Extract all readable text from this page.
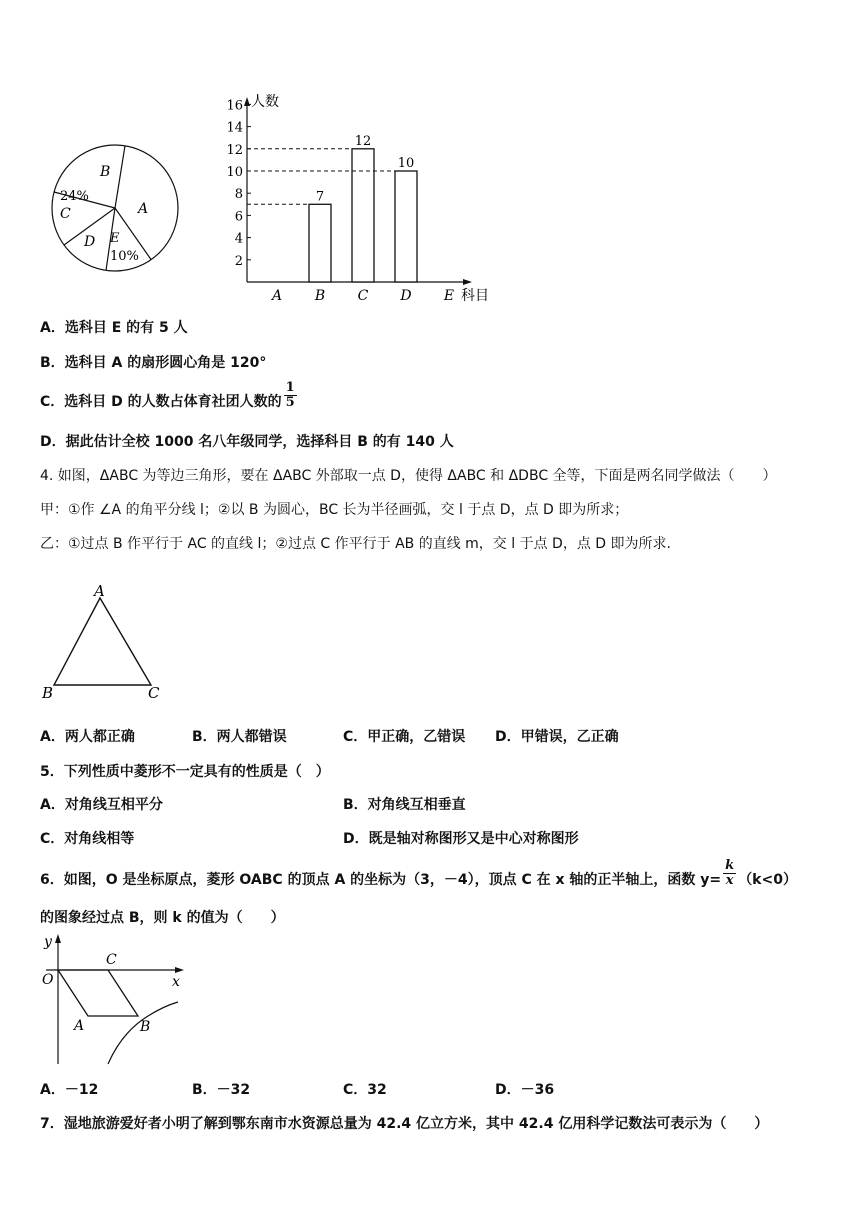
B
A
24%
C
D E
10%
人数
科目
2
4
6
8
10
12
14
16
A B
7
C
12
D
10
E
A．选科目 E 的有 5 人
B．选科目 A 的扇形圆心角是 120°
C．选科目 D 的人数占体育社团人数的 $\frac{1}{5}$
D．据此估计全校 1000 名八年级同学，选择科目 B 的有 140 人
4. 如图，ΔABC 为等边三角形，要在 ΔABC 外部取一点 D，使得 ΔABC 和 ΔDBC 全等，下面是两名同学做法（　　）
甲：①作 ∠A 的角平分线 l；②以 B 为圆心，BC 长为半径画弧，交 l 于点 D，点 D 即为所求；
乙：①过点 B 作平行于 AC 的直线 l；②过点 C 作平行于 AB 的直线 m，交 l 于点 D，点 D 即为所求.
A
B	C
A．两人都正确	B．两人都错误	C．甲正确，乙错误 D．甲错误，乙正确
5．下列性质中菱形不一定具有的性质是（　）
A．对角线互相平分	B．对角线互相垂直
C．对角线相等	D．既是轴对称图形又是中心对称图形
6．如图，O 是坐标原点，菱形 OABC 的顶点 A 的坐标为（3，－4），顶点 C 在 x 轴的正半轴上，函数 $y= \frac{k}{x} (k<0)$
的图象经过点 B，则 k 的值为（　　）
y
x
O
C
A	B
A．－12	B．－32	C．32	D．－36
7．湿地旅游爱好者小明了解到鄂东南市水资源总量为 42.4 亿立方米，其中 42.4 亿用科学记数法可表示为（　　）
